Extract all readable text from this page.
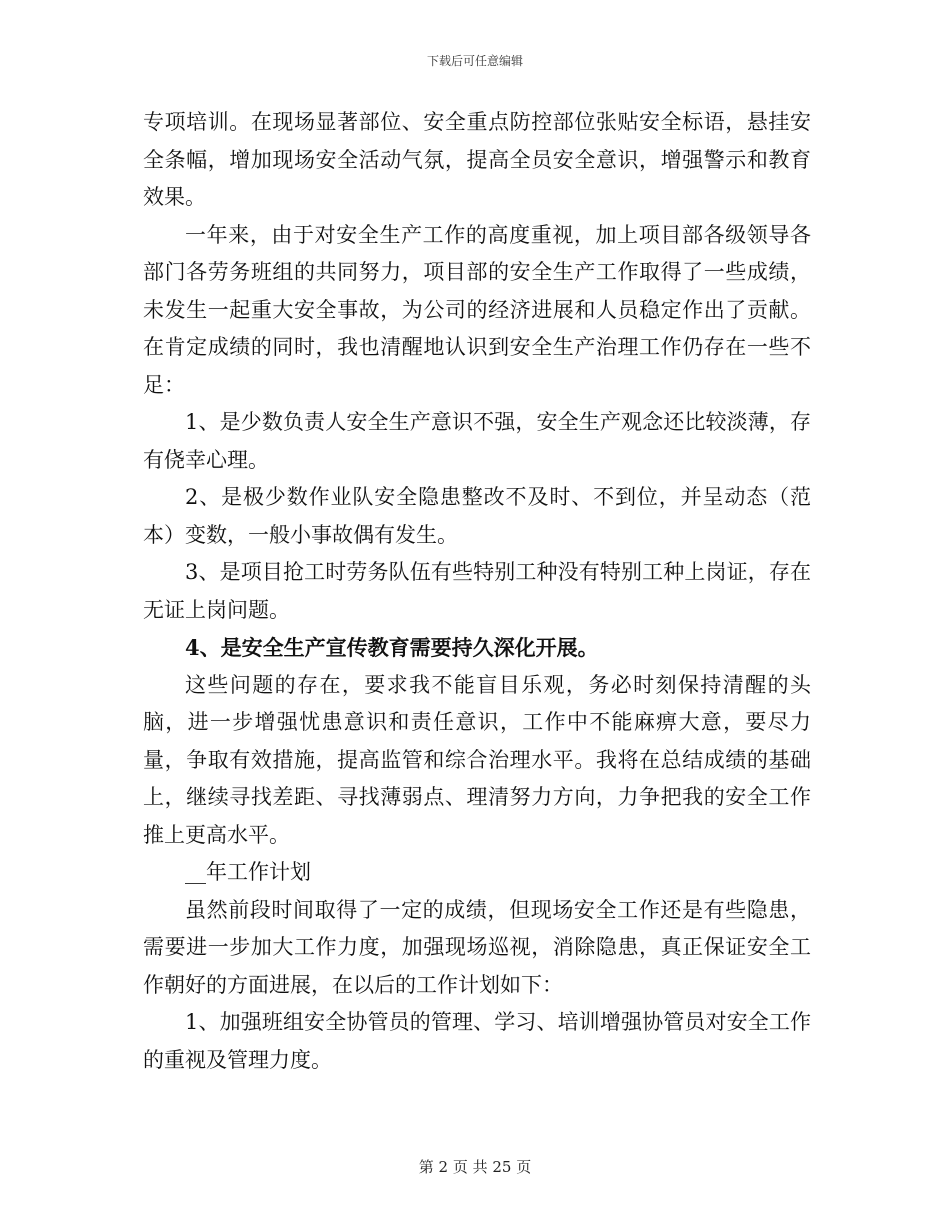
下载后可任意编辑

专项培训。在现场显著部位、安全重点防控部位张贴安全标语，悬挂安全条幅，增加现场安全活动气氛，提高全员安全意识，增强警示和教育效果。

一年来，由于对安全生产工作的高度重视，加上项目部各级领导各部门各劳务班组的共同努力，项目部的安全生产工作取得了一些成绩，未发生一起重大安全事故，为公司的经济进展和人员稳定作出了贡献。在肯定成绩的同时，我也清醒地认识到安全生产治理工作仍存在一些不足：

1、是少数负责人安全生产意识不强，安全生产观念还比较淡薄，存有侥幸心理。

2、是极少数作业队安全隐患整改不及时、不到位，并呈动态（范本）变数，一般小事故偶有发生。

3、是项目抢工时劳务队伍有些特别工种没有特别工种上岗证，存在无证上岗问题。

4、是安全生产宣传教育需要持久深化开展。

这些问题的存在，要求我不能盲目乐观，务必时刻保持清醒的头脑，进一步增强忧患意识和责任意识，工作中不能麻痹大意，要尽力量，争取有效措施，提高监管和综合治理水平。我将在总结成绩的基础上，继续寻找差距、寻找薄弱点、理清努力方向，力争把我的安全工作推上更高水平。

__年工作计划

虽然前段时间取得了一定的成绩，但现场安全工作还是有些隐患，需要进一步加大工作力度，加强现场巡视，消除隐患，真正保证安全工作朝好的方面进展，在以后的工作计划如下：

1、加强班组安全协管员的管理、学习、培训增强协管员对安全工作的重视及管理力度。

第 2 页 共 25 页
